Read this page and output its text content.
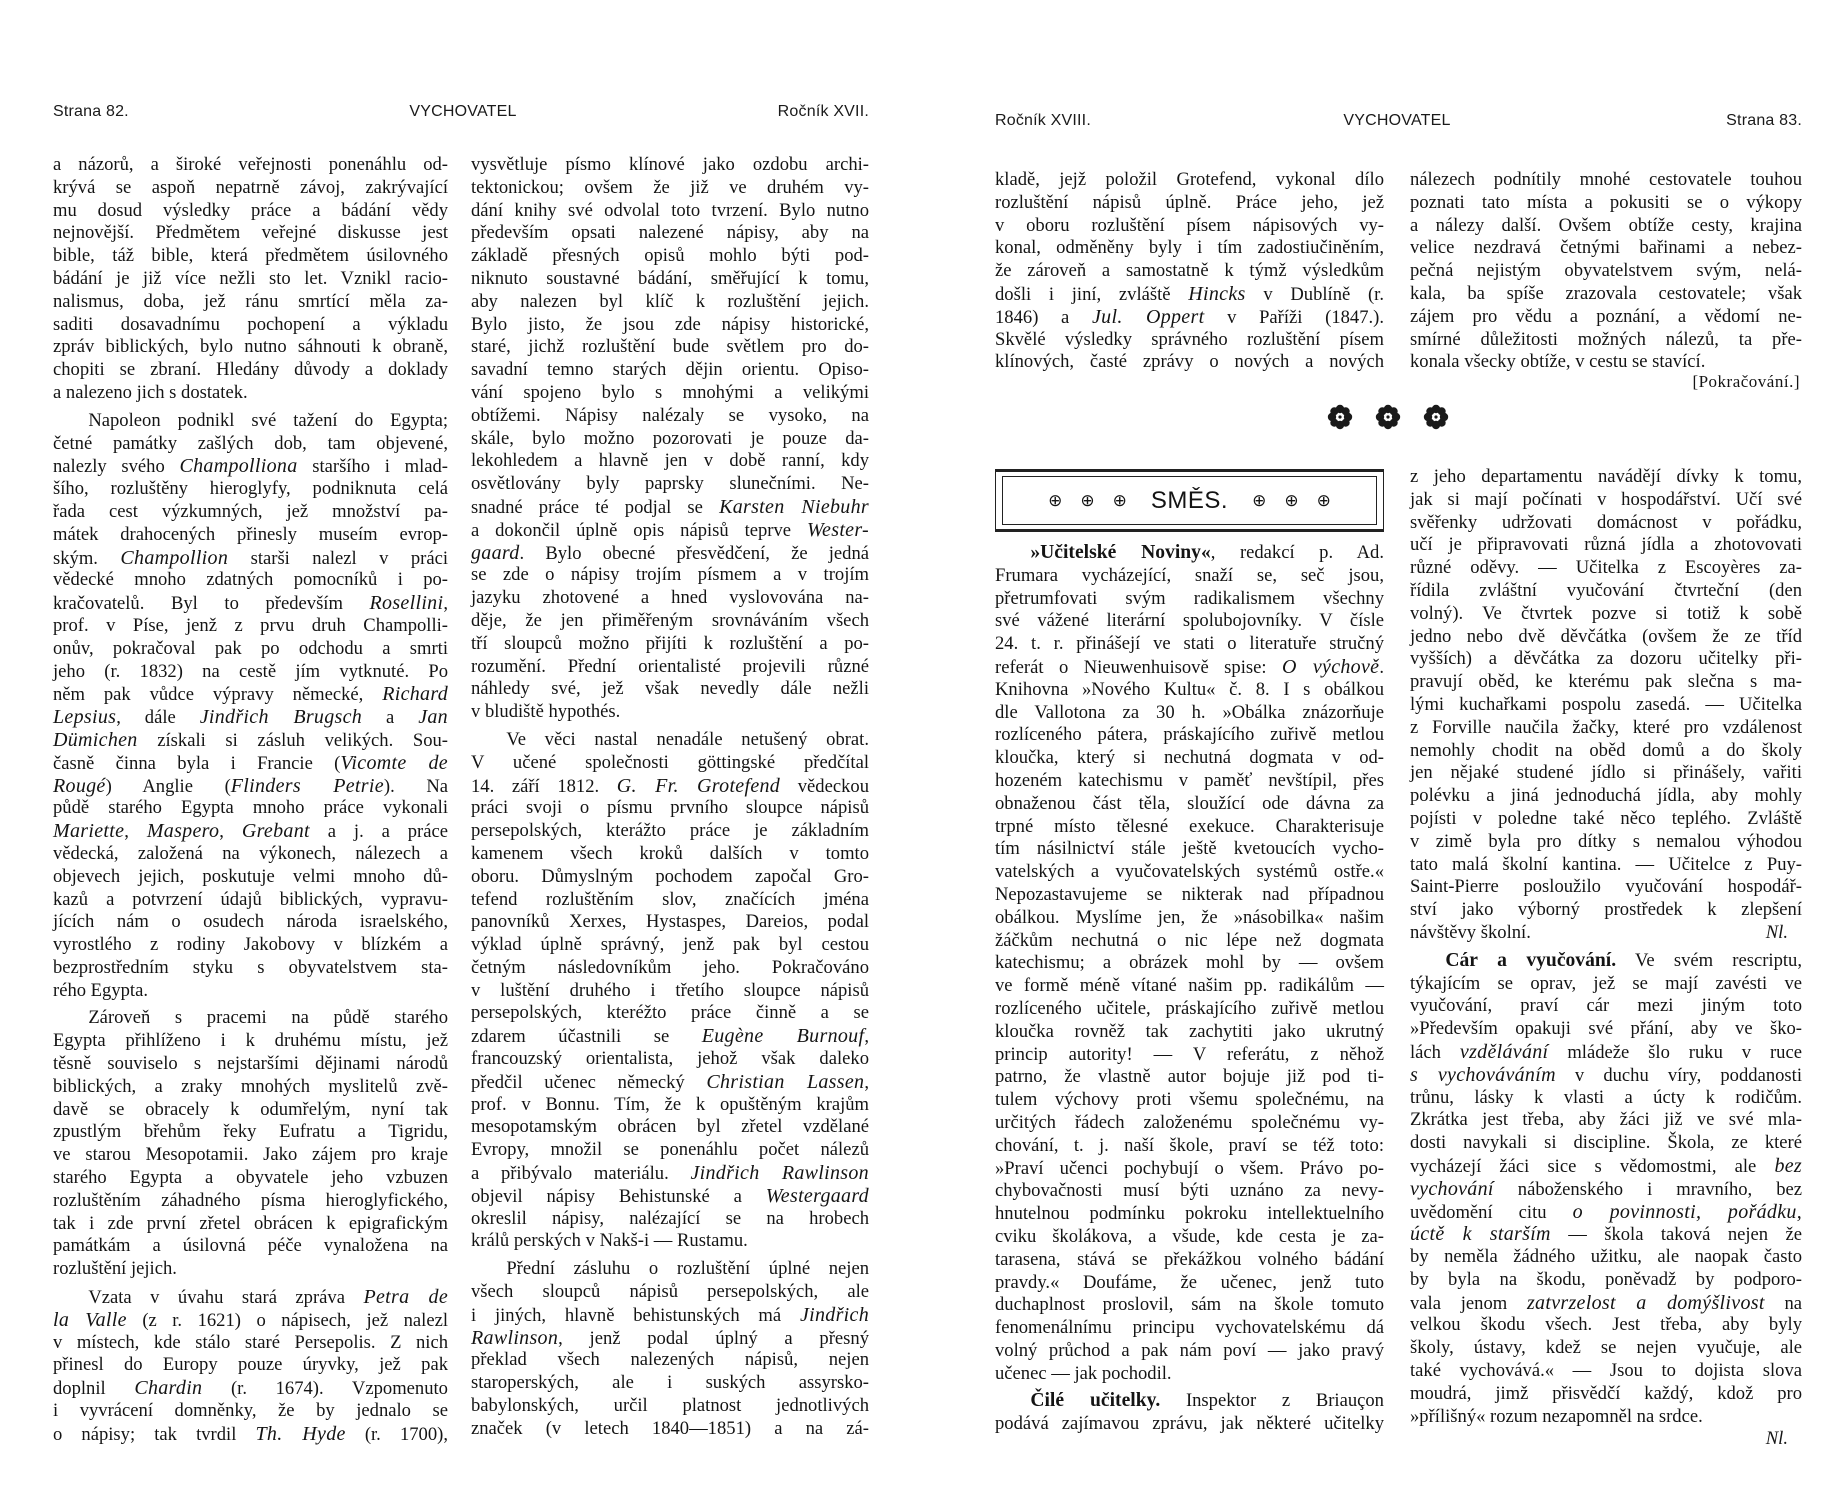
Strana 82.	VYCHOVATEL	Ročník XVII.
a názorů, a široké veřejnosti ponenáhlu od-
krývá se aspoň nepatrně závoj, zakrývající
mu dosud výsledky práce a bádání vědy
nejnovější. Předmětem veřejné diskusse jest
bible, táž bible, která předmětem úsilovného
bádání je již více nežli sto let. Vznikl racio-
nalismus, doba, jež ránu smrtící měla za-
saditi dosavadnímu pochopení a výkladu
zpráv biblických, bylo nutno sáhnouti k obraně,
chopiti se zbraní. Hledány důvody a doklady
a nalezeno jich s dostatek.
Napoleon podnikl své tažení do Egypta;
četné památky zašlých dob, tam objevené,
nalezly svého Champolliona staršího i mlad-
šího, rozluštěny hieroglyfy, podniknuta celá
řada cest výzkumných, jež množství pa-
mátek drahocených přinesly museím evrop-
ským. Champollion starši nalezl v práci
vědecké mnoho zdatných pomocníků i po-
kračovatelů. Byl to především Rosellini,
prof. v Píse, jenž z prvu druh Champolli-
onův, pokračoval pak po odchodu a smrti
jeho (r. 1832) na cestě jím vytknuté. Po
něm pak vůdce výpravy německé, Richard
Lepsius, dále Jindřich Brugsch a Jan
Dümichen získali si zásluh velikých. Sou-
časně činna byla i Francie (Vicomte de
Rougé) Anglie (Flinders Petrie). Na
půdě starého Egypta mnoho práce vykonali
Mariette, Maspero, Grebant a j. a práce
vědecká, založená na výkonech, nálezech a
objevech jejich, poskutuje velmi mnoho dů-
kazů a potvrzení údajů biblických, vypravu-
jících nám o osudech národa israelského,
vyrostlého z rodiny Jakobovy v blízkém a
bezprostředním styku s obyvatelstvem sta-
rého Egypta.
Zároveň s pracemi na půdě starého
Egypta přihlíženo i k druhému místu, jež
těsně souviselo s nejstaršími dějinami národů
biblických, a zraky mnohých myslitelů zvě-
davě se obracely k odumřelým, nyní tak
zpustlým břehům řeky Eufratu a Tigridu,
ve starou Mesopotamii. Jako zájem pro kraje
starého Egypta a obyvatele jeho vzbuzen
rozluštěním záhadného písma hieroglyfického,
tak i zde první zřetel obrácen k epigrafickým
památkám a úsilovná péče vynaložena na
rozluštění jejich.
Vzata v úvahu stará zpráva Petra de
la Valle (z r. 1621) o nápisech, jež nalezl
v místech, kde stálo staré Persepolis. Z nich
přinesl do Europy pouze úryvky, jež pak
doplnil Chardin (r. 1674). Vzpomenuto
i vyvrácení domněnky, že by jednalo se
o nápisy; tak tvrdil Th. Hyde (r. 1700),
vysvětluje písmo klínové jako ozdobu archi-
tektonickou; ovšem že již ve druhém vy-
dání knihy své odvolal toto tvrzení. Bylo nutno
především opsati nalezené nápisy, aby na
základě přesných opisů mohlo býti pod-
niknuto soustavné bádání, směřující k tomu,
aby nalezen byl klíč k rozluštění jejich.
Bylo jisto, že jsou zde nápisy historické,
staré, jichž rozluštění bude světlem pro do-
savadní temno starých dějin orientu. Opiso-
vání spojeno bylo s mnohými a velikými
obtížemi. Nápisy nalézaly se vysoko, na
skále, bylo možno pozorovati je pouze da-
lekohledem a hlavně jen v době ranní, kdy
osvětlovány byly paprsky slunečními. Ne-
snadné práce té podjal se Karsten Niebuhr
a dokončil úplně opis nápisů teprve Wester-
gaard. Bylo obecné přesvědčení, že jedná
se zde o nápisy trojím písmem a v trojím
jazyku zhotovené a hned vyslovována na-
děje, že jen přiměřeným srovnáváním všech
tří sloupců možno přijíti k rozluštění a po-
rozumění. Přední orientalisté projevili různé
náhledy své, jež však nevedly dále nežli
v bludiště hypothés.
Ve věci nastal nenadále netušený obrat.
V učené společnosti göttingské předčítal
14. září 1812. G. Fr. Grotefend vědeckou
práci svoji o písmu prvního sloupce nápisů
persepolských, kterážto práce je základním
kamenem všech kroků dalších v tomto
oboru. Důmyslným pochodem započal Gro-
tefend rozluštěním slov, značících jména
panovníků Xerxes, Hystaspes, Dareios, podal
výklad úplně správný, jenž pak byl cestou
četným následovníkům jeho. Pokračováno
v luštění druhého i třetího sloupce nápisů
persepolských, kteréžto práce činně a se
zdarem účastnili se Eugène Burnouf,
francouzský orientalista, jehož však daleko
předčil učenec německý Christian Lassen,
prof. v Bonnu. Tím, že k opuštěným krajům
mesopotamským obrácen byl zřetel vzdělané
Evropy, množil se ponenáhlu počet nálezů
a přibývalo materiálu. Jindřich Rawlinson
objevil nápisy Behistunské a Westergaard
okreslil nápisy, nalézající se na hrobech
králů perských v Nakš-i — Rustamu.
Přední zásluhu o rozluštění úplné nejen
všech sloupců nápisů persepolských, ale
i jiných, hlavně behistunských má Jindřich
Rawlinson, jenž podal úplný a přesný
překlad všech nalezených nápisů, nejen
staroperských, ale i suských assyrsko-
babylonských, určil platnost jednotlivých
značek (v letech 1840—1851) a na zá-
Ročník XVIII.	VYCHOVATEL	Strana 83.
kladě, jejž položil Grotefend, vykonal dílo
rozluštění nápisů úplně. Práce jeho, jež
v oboru rozluštění písem nápisových vy-
konal, odměněny byly i tím zadostiučiněním,
že zároveň a samostatně k týmž výsledkům
došli i jiní, zvláště Hincks v Dublíně (r.
1846) a Jul. Oppert v Paříži (1847.).
Skvělé výsledky správného rozluštění písem
klínových, časté zprávy o nových a nových
nálezech podnítily mnohé cestovatele touhou
poznati tato místa a pokusiti se o výkopy
a nálezy další. Ovšem obtíže cesty, krajina
velice nezdravá četnými bařinami a nebez-
pečná nejistým obyvatelstvem svým, nelá-
kala, ba spíše zrazovala cestovatele; však
zájem pro vědu a poznání, a vědomí ne-
smírné důležitosti možných nálezů, ta pře-
konala všecky obtíže, v cestu se stavící.
[Pokračování.]
⊕ ⊕ ⊕ SMĚS. ⊕ ⊕ ⊕
»Učitelské Noviny«, redakcí p. Ad.
Frumara vycházející, snaží se, seč jsou,
přetrumfovati svým radikalismem všechny
své vážené literární spolubojovníky. V čísle
24. t. r. přinášejí ve stati o literatuře stručný
referát o Nieuwenhuisově spise: O výchově.
Knihovna »Nového Kultu« č. 8. I s obálkou
dle Vallotona za 30 h. »Obálka znázorňuje
rozlíceného pátera, práskajícího zuřivě metlou
kloučka, který si nechutná dogmata v od-
hozeném katechismu v paměť nevštípil, přes
obnaženou část těla, sloužící ode dávna za
trpné místo tělesné exekuce. Charakterisuje
tím násilnictví stále ještě kvetoucích vycho-
vatelských a vyučovatelských systémů ostře.«
Nepozastavujeme se nikterak nad případnou
obálkou. Myslíme jen, že »násobilka« našim
žáčkům nechutná o nic lépe než dogmata
katechismu; a obrázek mohl by — ovšem
ve formě méně vítané našim pp. radikálům —
rozlíceného učitele, práskajícího zuřivě metlou
kloučka rovněž tak zachytiti jako ukrutný
princip autority! — V referátu, z něhož
patrno, že vlastně autor bojuje již pod ti-
tulem výchovy proti všemu společnému, na
určitých řádech založenému společnému vy-
chování, t. j. naší škole, praví se též toto:
»Praví učenci pochybují o všem. Právo po-
chybovačnosti musí býti uznáno za nevy-
hnutelnou podmínku pokroku intellektuelního
cviku školákova, a všude, kde cesta je za-
tarasena, stává se překážkou volného bádání
pravdy.« Doufáme, že učenec, jenž tuto
duchaplnost proslovil, sám na škole tomuto
fenomenálnímu principu vychovatelskému dá
volný průchod a pak nám poví — jako pravý
učenec — jak pochodil.
Čilé učitelky. Inspektor z Briauçon
podává zajímavou zprávu, jak některé učitelky
z jeho departamentu navádějí dívky k tomu,
jak si mají počínati v hospodářství. Učí své
svěřenky udržovati domácnost v pořádku,
učí je připravovati různá jídla a zhotovovati
různé oděvy. — Učitelka z Escoyères za-
řídila zvláštní vyučování čtvrteční (den
volný). Ve čtvrtek pozve si totiž k sobě
jedno nebo dvě děvčátka (ovšem že ze tříd
vyšších) a děvčátka za dozoru učitelky při-
pravují oběd, ke kterému pak slečna s ma-
lými kuchařkami pospolu zasedá. — Učitelka
z Forville naučila žačky, které pro vzdálenost
nemohly chodit na oběd domů a do školy
jen nějaké studené jídlo si přinášely, vařiti
polévku a jiná jednoduchá jídla, aby mohly
pojísti v poledne také něco teplého. Zvláště
v zimě byla pro dítky s nemalou výhodou
tato malá školní kantina. — Učitelce z Puy-
Saint-Pierre posloužilo vyučování hospodář-
ství jako výborný prostředek k zlepšení
Nl.
návštěvy školní.
Cár a vyučování. Ve svém rescriptu,
týkajícím se oprav, jež se mají zavésti ve
vyučování, praví cár mezi jiným toto
»Především opakuji své přání, aby ve ško-
lách vzdělávání mládeže šlo ruku v ruce
s vychováváním v duchu víry, poddanosti
trůnu, lásky k vlasti a úcty k rodičům.
Zkrátka jest třeba, aby žáci již ve své mla-
dosti navykali si discipline. Škola, ze které
vycházejí žáci sice s vědomostmi, ale bez
vychování náboženského i mravního, bez
uvědomění citu o povinnosti, pořádku,
úctě k starším — škola taková nejen že
by neměla žádného užitku, ale naopak často
by byla na škodu, poněvadž by podporo-
vala jenom zatvrzelost a domýšlivost na
velkou škodu všech. Jest třeba, aby byly
školy, ústavy, kdež se nejen vyučuje, ale
také vychovává.« — Jsou to dojista slova
moudrá, jimž přisvědčí každý, kdož pro
»přílišný« rozum nezapomněl na srdce.
Nl.
